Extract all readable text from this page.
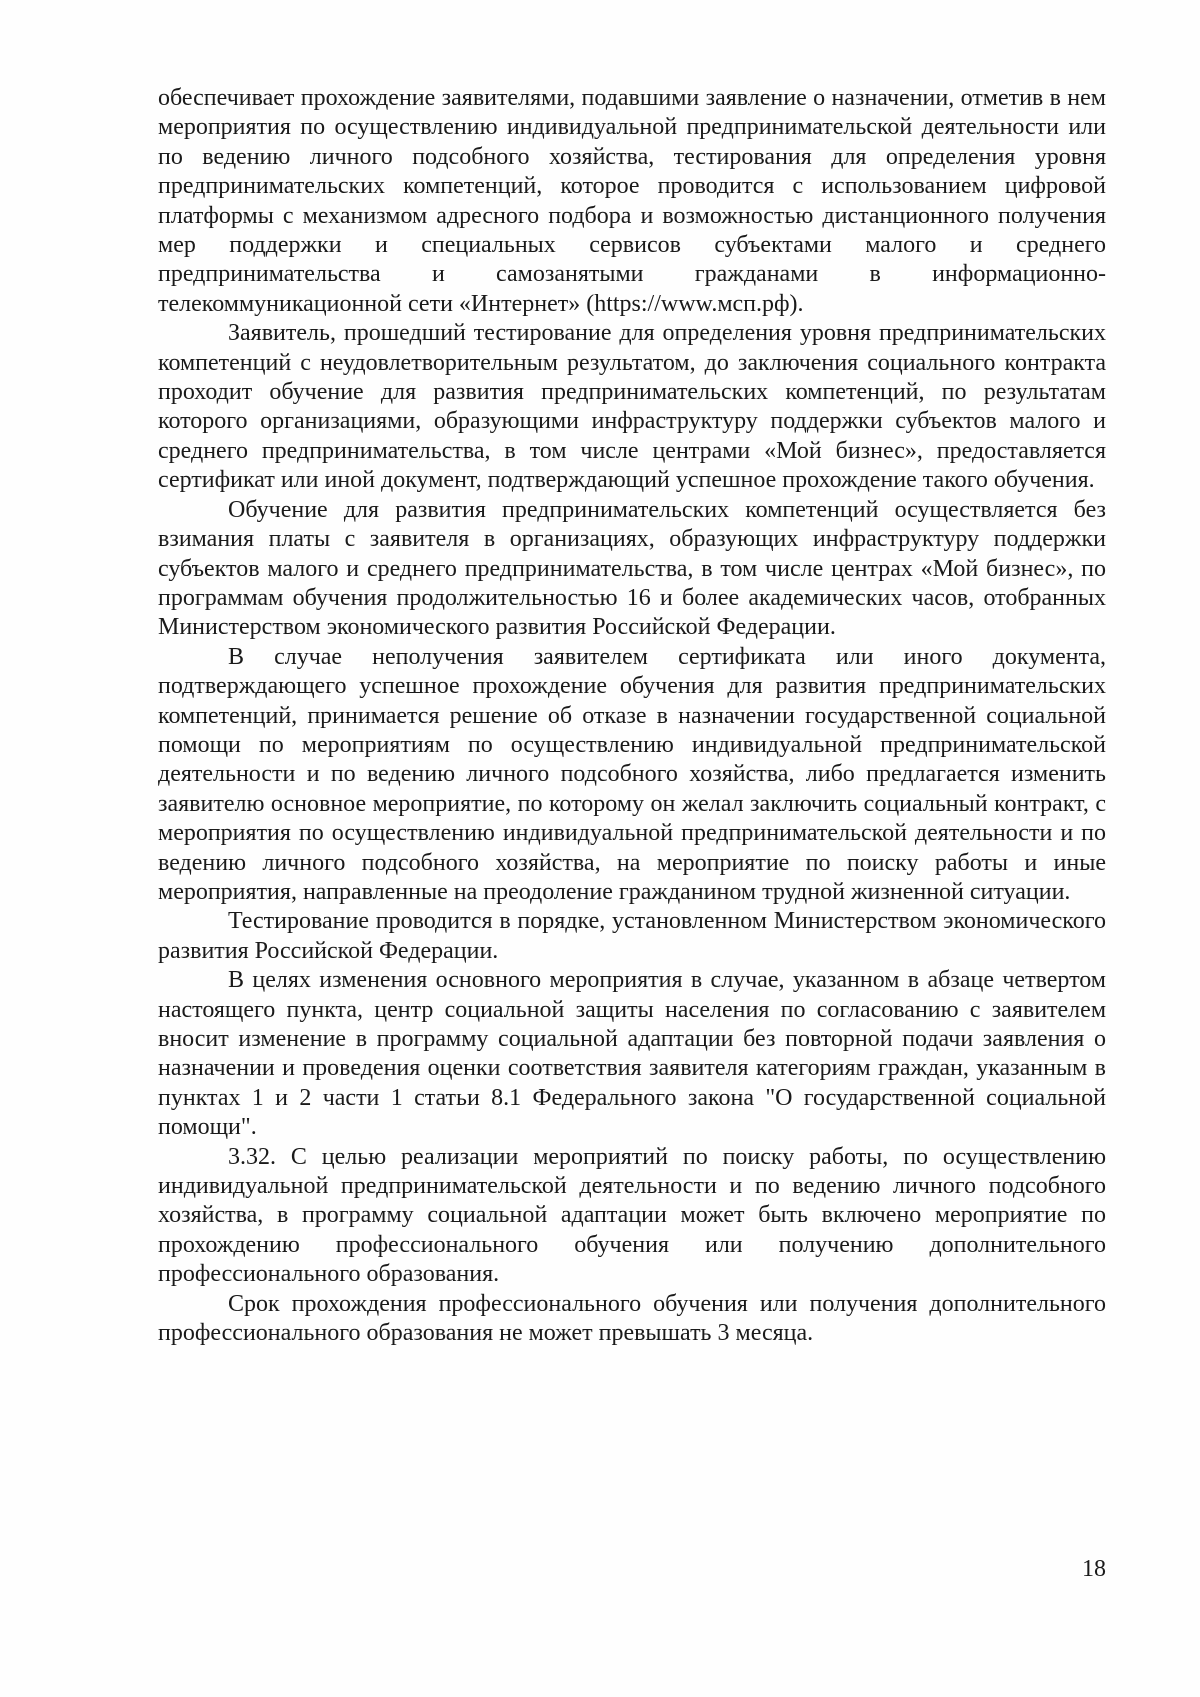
обеспечивает прохождение заявителями, подавшими заявление о назначении, отметив в нем мероприятия по осуществлению индивидуальной предпринимательской деятельности или по ведению личного подсобного хозяйства, тестирования для определения уровня предпринимательских компетенций, которое проводится с использованием цифровой платформы с механизмом адресного подбора и возможностью дистанционного получения мер поддержки и специальных сервисов субъектами малого и среднего предпринимательства и самозанятыми гражданами в информационно-телекоммуникационной сети «Интернет» (https://www.мсп.рф).

Заявитель, прошедший тестирование для определения уровня предпринимательских компетенций с неудовлетворительным результатом, до заключения социального контракта проходит обучение для развития предпринимательских компетенций, по результатам которого организациями, образующими инфраструктуру поддержки субъектов малого и среднего предпринимательства, в том числе центрами «Мой бизнес», предоставляется сертификат или иной документ, подтверждающий успешное прохождение такого обучения.

Обучение для развития предпринимательских компетенций осуществляется без взимания платы с заявителя в организациях, образующих инфраструктуру поддержки субъектов малого и среднего предпринимательства, в том числе центрах «Мой бизнес», по программам обучения продолжительностью 16 и более академических часов, отобранных Министерством экономического развития Российской Федерации.

В случае неполучения заявителем сертификата или иного документа, подтверждающего успешное прохождение обучения для развития предпринимательских компетенций, принимается решение об отказе в назначении государственной социальной помощи по мероприятиям по осуществлению индивидуальной предпринимательской деятельности и по ведению личного подсобного хозяйства, либо предлагается изменить заявителю основное мероприятие, по которому он желал заключить социальный контракт, с мероприятия по осуществлению индивидуальной предпринимательской деятельности и по ведению личного подсобного хозяйства, на мероприятие по поиску работы и иные мероприятия, направленные на преодоление гражданином трудной жизненной ситуации.

Тестирование проводится в порядке, установленном Министерством экономического развития Российской Федерации.

В целях изменения основного мероприятия в случае, указанном в абзаце четвертом настоящего пункта, центр социальной защиты населения по согласованию с заявителем вносит изменение в программу социальной адаптации без повторной подачи заявления о назначении и проведения оценки соответствия заявителя категориям граждан, указанным в пунктах 1 и 2 части 1 статьи 8.1 Федерального закона "О государственной социальной помощи".

3.32. С целью реализации мероприятий по поиску работы, по осуществлению индивидуальной предпринимательской деятельности и по ведению личного подсобного хозяйства, в программу социальной адаптации может быть включено мероприятие по прохождению профессионального обучения или получению дополнительного профессионального образования.

Срок прохождения профессионального обучения или получения дополнительного профессионального образования не может превышать 3 месяца.

18
